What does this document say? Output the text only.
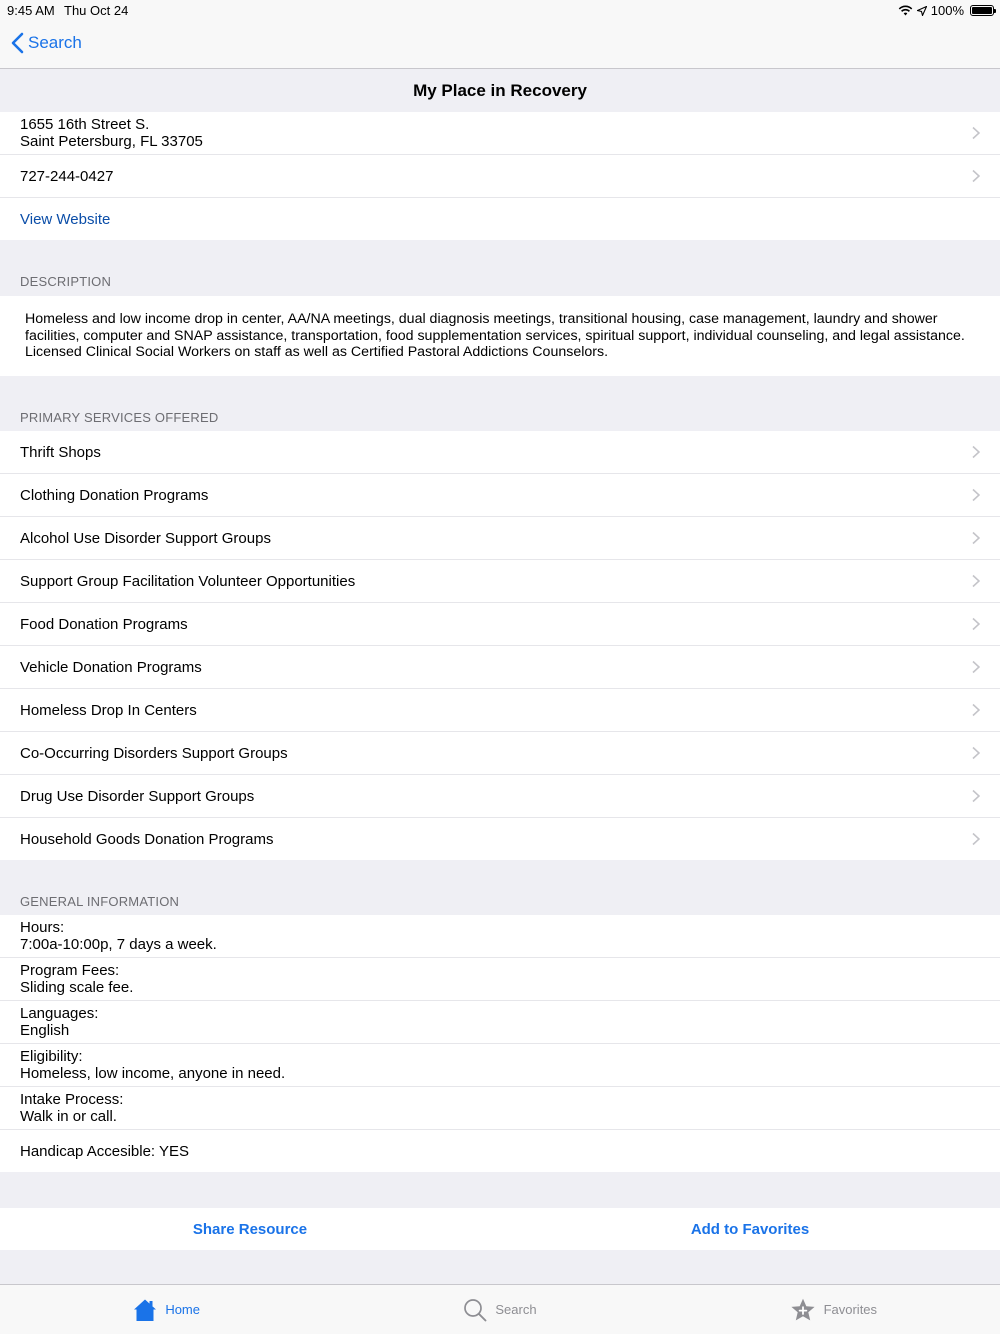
9:45 AM Thu Oct 24	100%
Search
My Place in Recovery
1655 16th Street S.
Saint Petersburg, FL 33705
727-244-0427
View Website
DESCRIPTION
Homeless and low income drop in center, AA/NA meetings, dual diagnosis meetings, transitional housing, case management, laundry and shower facilities, computer and SNAP assistance, transportation, food supplementation services, spiritual support, individual counseling, and legal assistance. Licensed Clinical Social Workers on staff as well as Certified Pastoral Addictions Counselors.
PRIMARY SERVICES OFFERED
Thrift Shops
Clothing Donation Programs
Alcohol Use Disorder Support Groups
Support Group Facilitation Volunteer Opportunities
Food Donation Programs
Vehicle Donation Programs
Homeless Drop In Centers
Co-Occurring Disorders Support Groups
Drug Use Disorder Support Groups
Household Goods Donation Programs
GENERAL INFORMATION
Hours:
7:00a-10:00p, 7 days a week.
Program Fees:
Sliding scale fee.
Languages:
English
Eligibility:
Homeless, low income, anyone in need.
Intake Process:
Walk in or call.
Handicap Accesible: YES
Share Resource	Add to Favorites
Home	Search	Favorites
